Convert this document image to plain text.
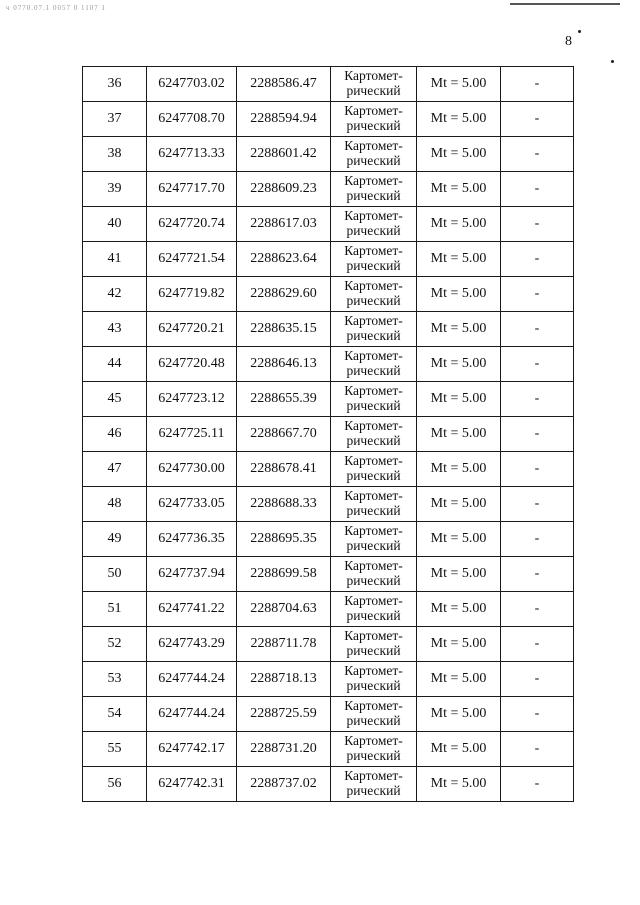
ч 0770.07.1 0057 0 1107 1
8
36	6247703.02	2288586.47	Картомет-
рический	Mt = 5.00	-
37	6247708.70	2288594.94	Картомет-
рический	Mt = 5.00	-
38	6247713.33	2288601.42	Картомет-
рический	Mt = 5.00	-
39	6247717.70	2288609.23	Картомет-
рический	Mt = 5.00	-
40	6247720.74	2288617.03	Картомет-
рический	Mt = 5.00	-
41	6247721.54	2288623.64	Картомет-
рический	Mt = 5.00	-
42	6247719.82	2288629.60	Картомет-
рический	Mt = 5.00	-
43	6247720.21	2288635.15	Картомет-
рический	Mt = 5.00	-
44	6247720.48	2288646.13	Картомет-
рический	Mt = 5.00	-
45	6247723.12	2288655.39	Картомет-
рический	Mt = 5.00	-
46	6247725.11	2288667.70	Картомет-
рический	Mt = 5.00	-
47	6247730.00	2288678.41	Картомет-
рический	Mt = 5.00	-
48	6247733.05	2288688.33	Картомет-
рический	Mt = 5.00	-
49	6247736.35	2288695.35	Картомет-
рический	Mt = 5.00	-
50	6247737.94	2288699.58	Картомет-
рический	Mt = 5.00	-
51	6247741.22	2288704.63	Картомет-
рический	Mt = 5.00	-
52	6247743.29	2288711.78	Картомет-
рический	Mt = 5.00	-
53	6247744.24	2288718.13	Картомет-
рический	Mt = 5.00	-
54	6247744.24	2288725.59	Картомет-
рический	Mt = 5.00	-
55	6247742.17	2288731.20	Картомет-
рический	Mt = 5.00	-
56	6247742.31	2288737.02	Картомет-
рический	Mt = 5.00	-
